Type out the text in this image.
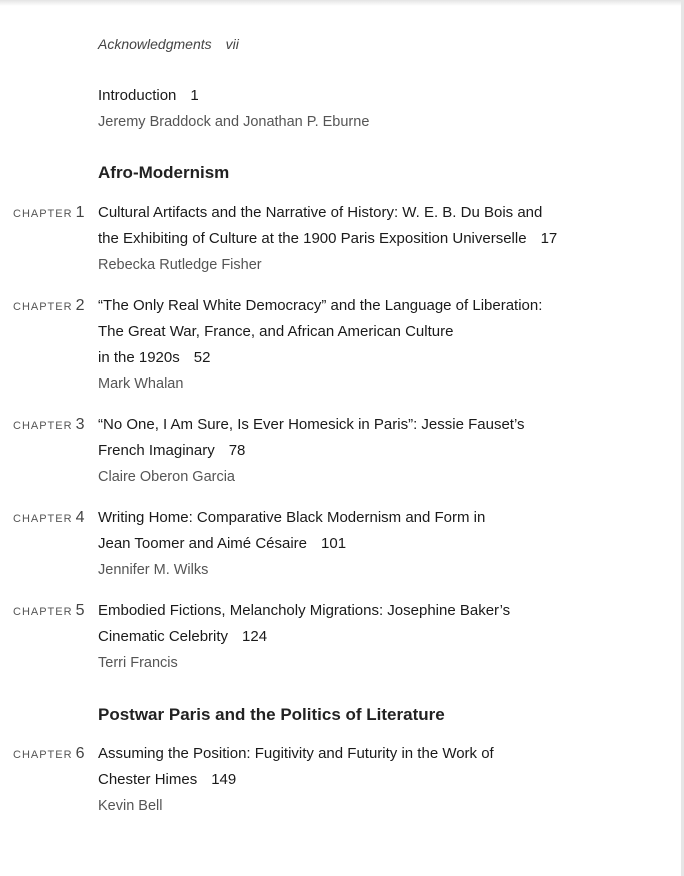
Acknowledgments vii
Introduction 1
Jeremy Braddock and Jonathan P. Eburne
Afro-Modernism
CHAPTER 1 Cultural Artifacts and the Narrative of History: W. E. B. Du Bois and
the Exhibiting of Culture at the 1900 Paris Exposition Universelle 17
Rebecka Rutledge Fisher
CHAPTER 2 “The Only Real White Democracy” and the Language of Liberation:
The Great War, France, and African American Culture
in the 1920s 52
Mark Whalan
CHAPTER 3 “No One, I Am Sure, Is Ever Homesick in Paris”: Jessie Fauset’s
French Imaginary 78
Claire Oberon Garcia
CHAPTER 4 Writing Home: Comparative Black Modernism and Form in
Jean Toomer and Aimé Césaire 101
Jennifer M. Wilks
CHAPTER 5 Embodied Fictions, Melancholy Migrations: Josephine Baker’s
Cinematic Celebrity 124
Terri Francis
Postwar Paris and the Politics of Literature
CHAPTER 6 Assuming the Position: Fugitivity and Futurity in the Work of
Chester Himes 149
Kevin Bell
